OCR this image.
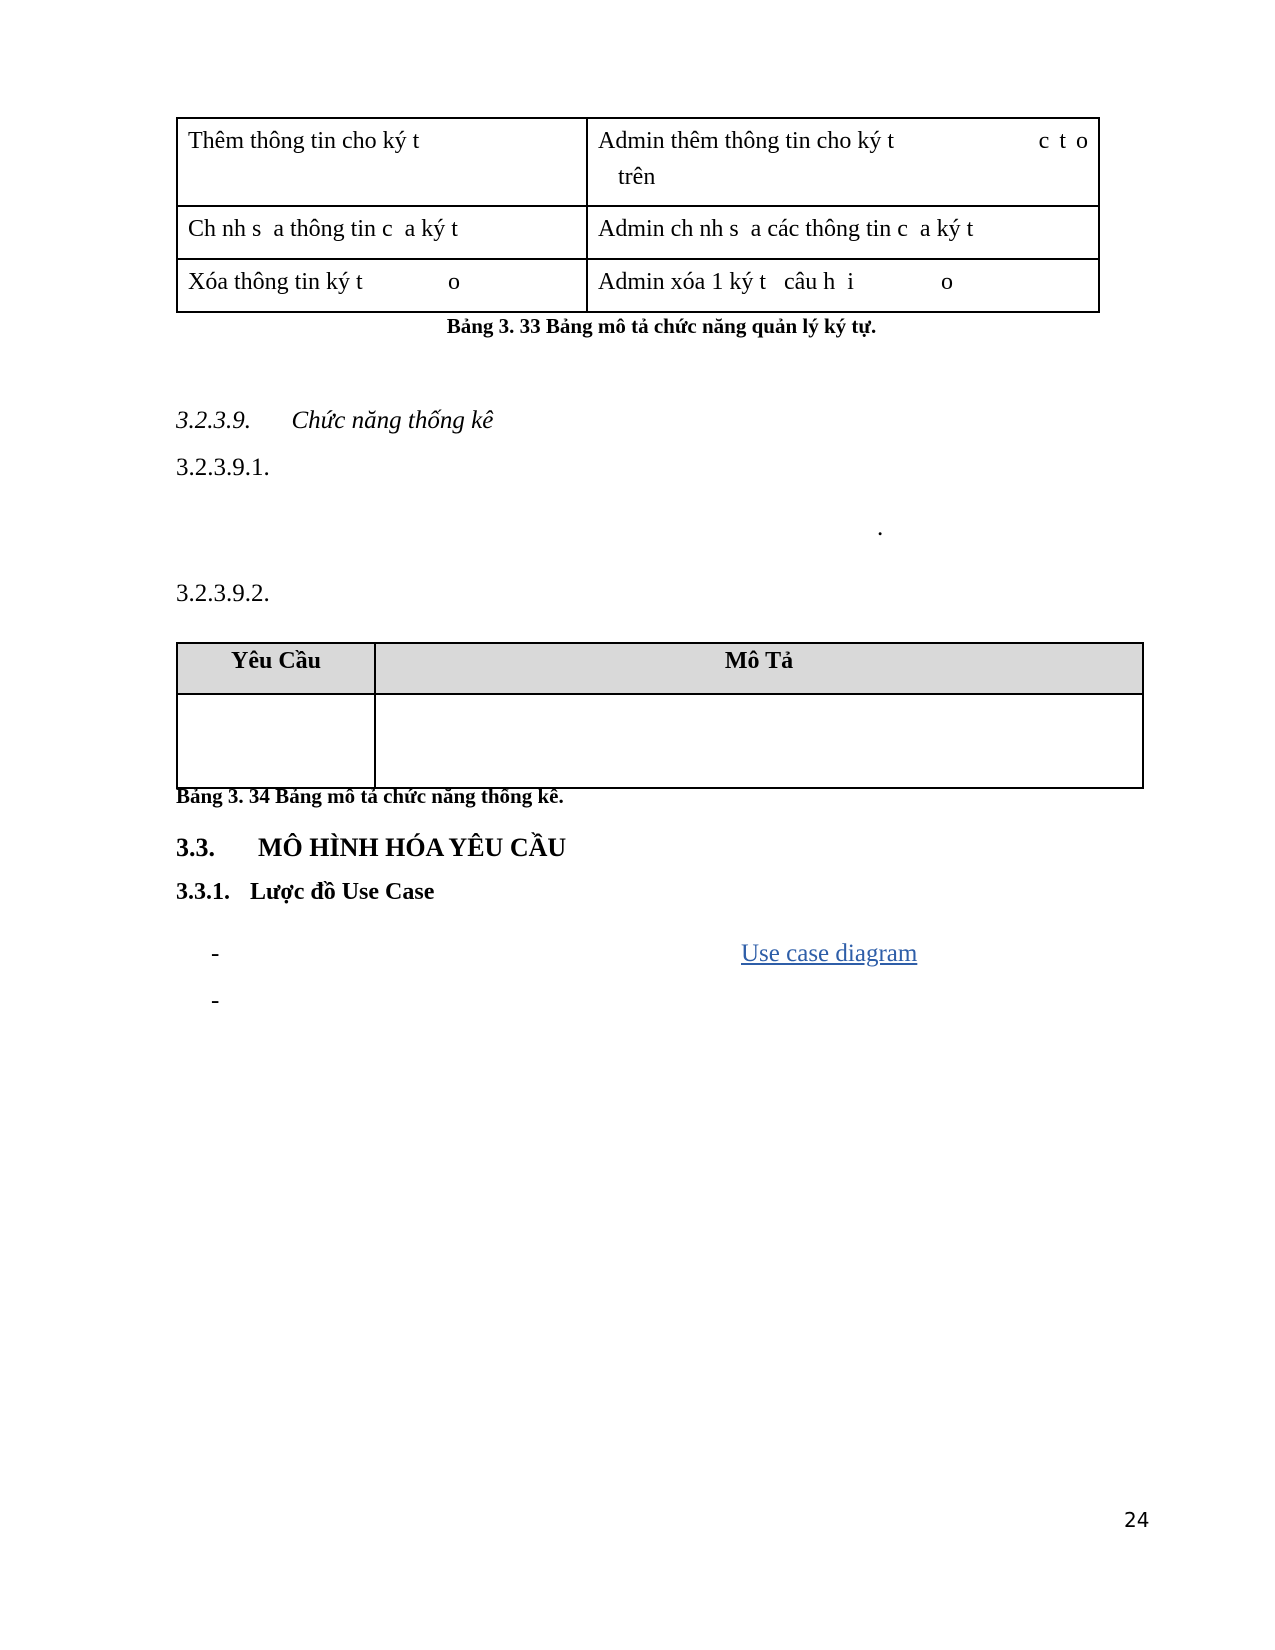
Thêm thông tin cho ký t	Admin thêm thông tin cho ký t c t o

trên
Ch nh s  a thông tin c  a ký t	Admin ch nh s  a các thông tin c  a ký t
Xóa thông tin ký t o	Admin xóa 1 ký t   câu h  i o
Bảng 3. 33 Bảng mô tả chức năng quản lý ký tự.
3.2.3.9. Chức năng thống kê
3.2.3.9.1.
.
3.2.3.9.2.
Yêu Cầu	Mô Tả

Bảng 3. 34 Bảng mô tả chức năng thống kê.
3.3. MÔ HÌNH HÓA YÊU CẦU
3.3.1. Lược đồ Use Case
-	Use case diagram
-
24
